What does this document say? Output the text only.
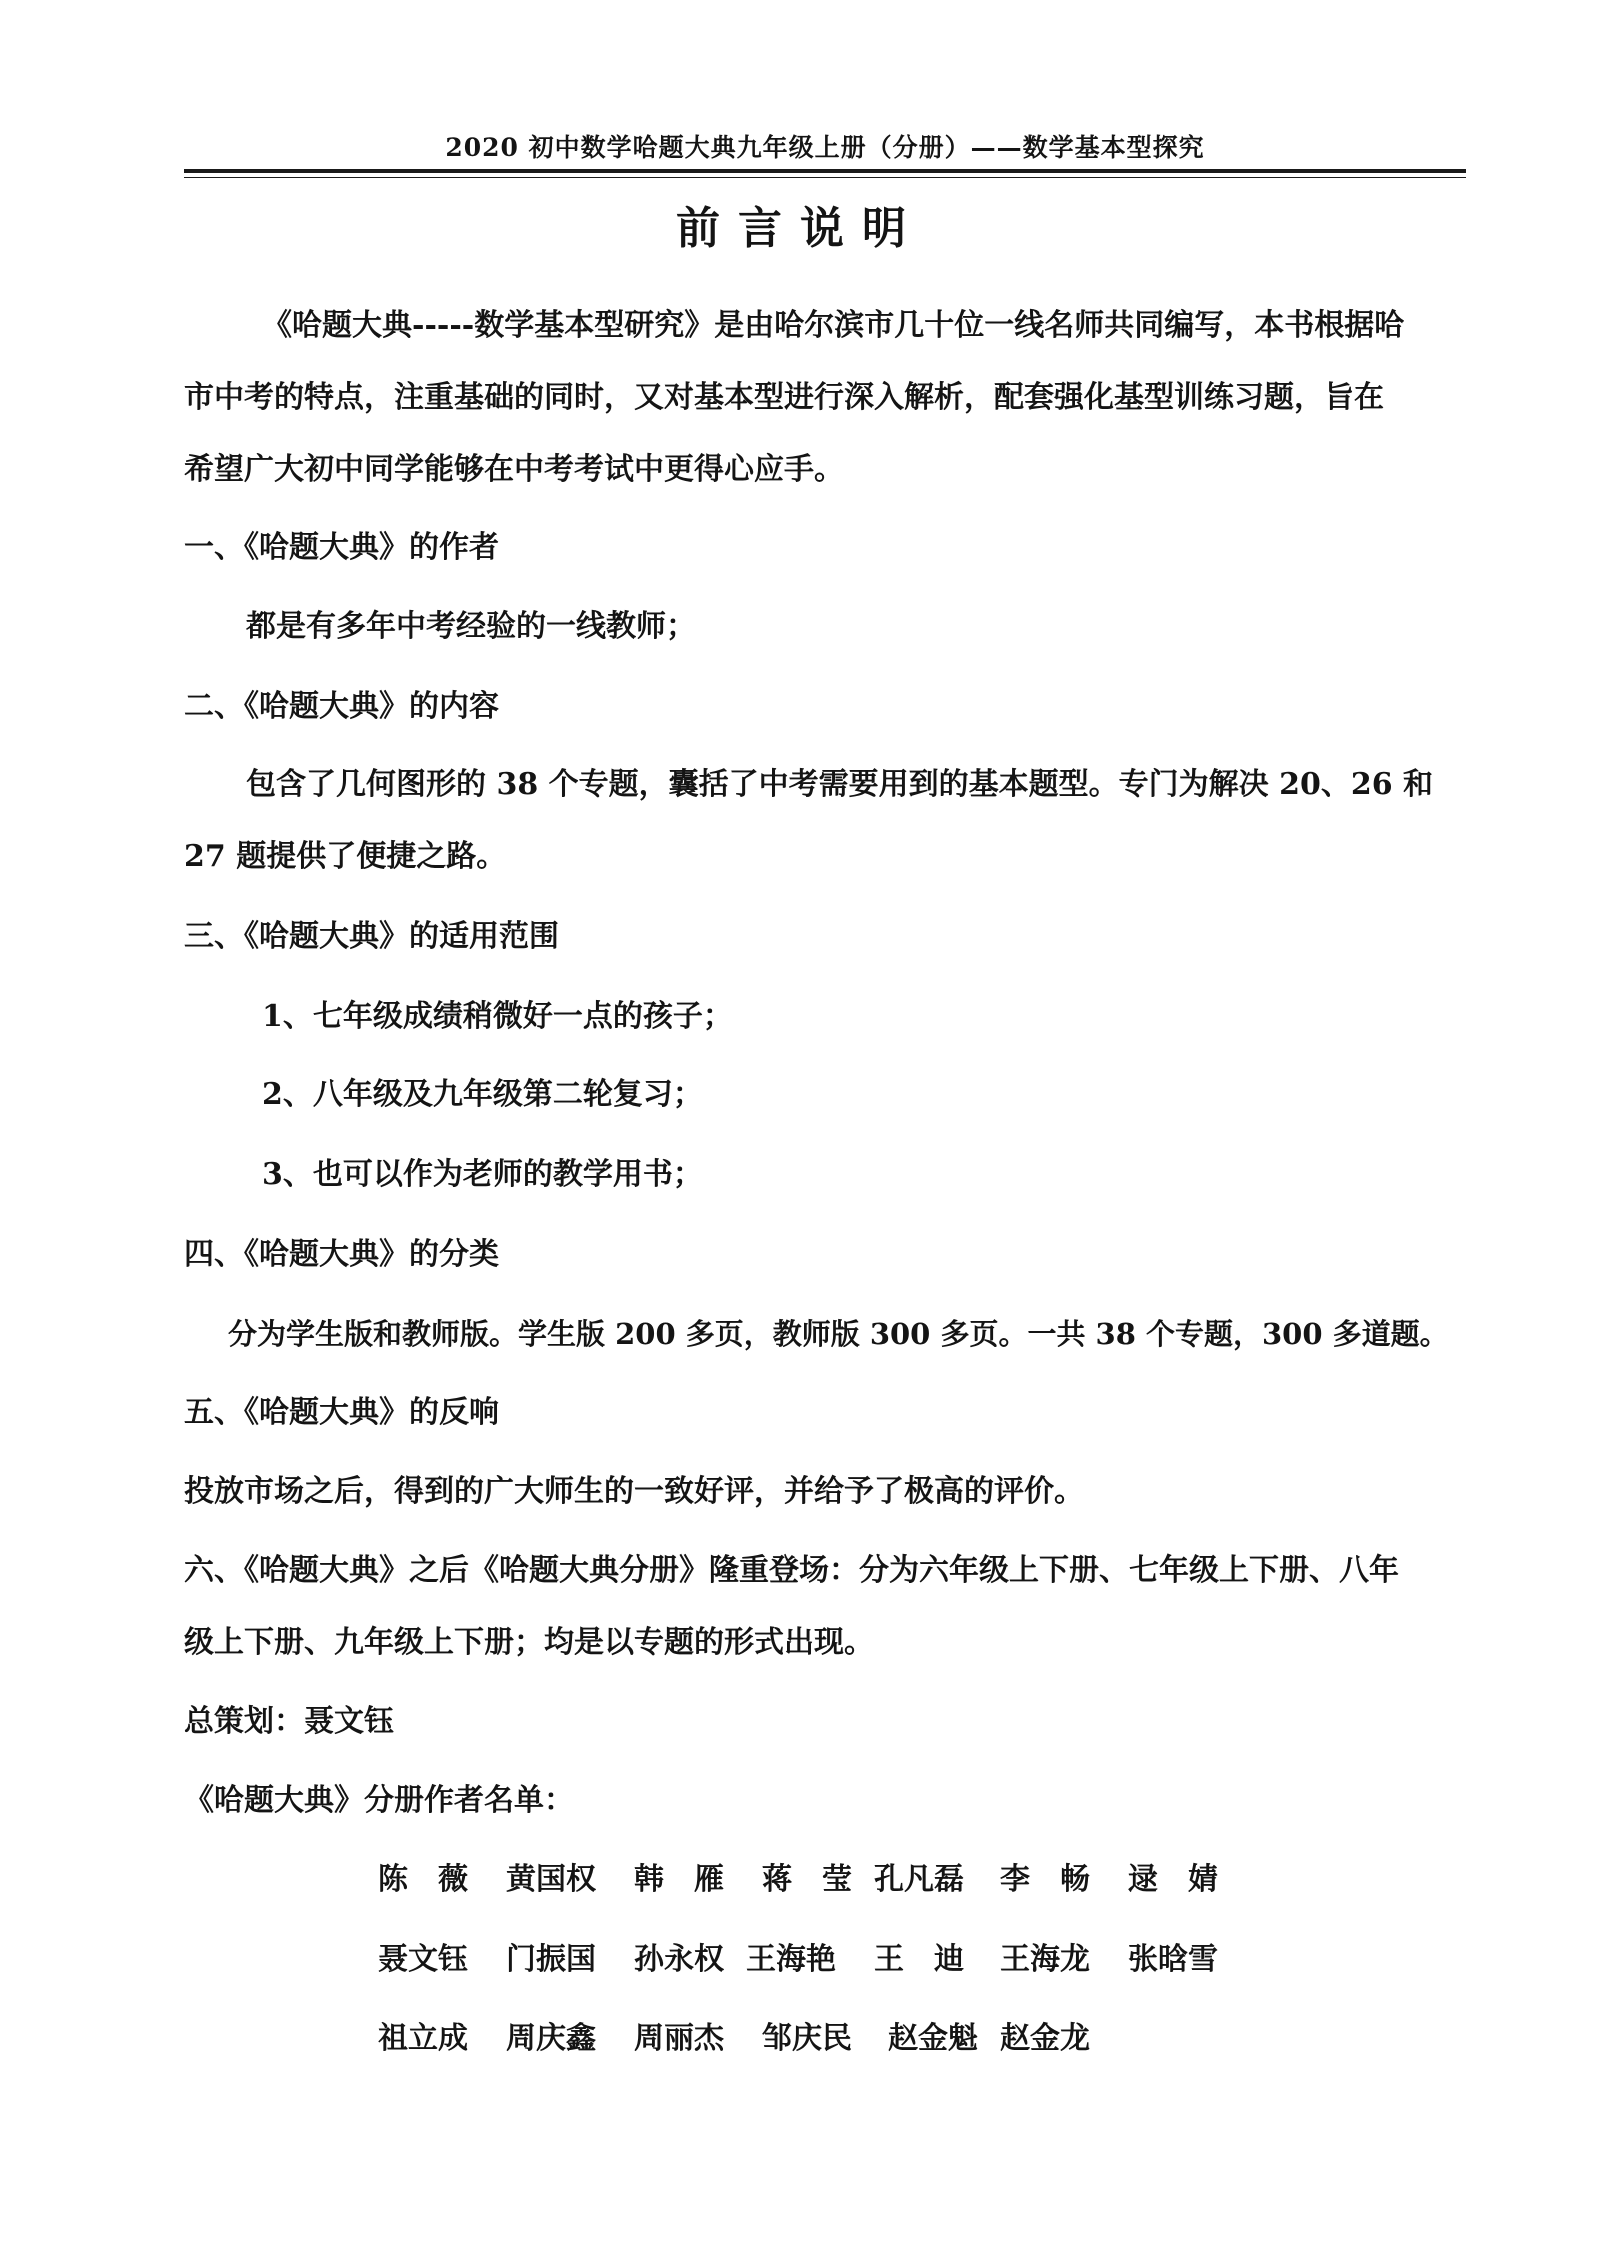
2020 初中数学哈题大典九年级上册（分册）——数学基本型探究
前言说明
《哈题大典-----数学基本型研究》是由哈尔滨市几十位一线名师共同编写，本书根据哈
市中考的特点，注重基础的同时，又对基本型进行深入解析，配套强化基型训练习题，旨在
希望广大初中同学能够在中考考试中更得心应手。
一、《哈题大典》的作者
都是有多年中考经验的一线教师；
二、《哈题大典》的内容
包含了几何图形的 38 个专题，囊括了中考需要用到的基本题型。专门为解决 20、26 和
27 题提供了便捷之路。
三、《哈题大典》的适用范围
1、七年级成绩稍微好一点的孩子；
2、八年级及九年级第二轮复习；
3、也可以作为老师的教学用书；
四、《哈题大典》的分类
分为学生版和教师版。学生版 200 多页，教师版 300 多页。一共 38 个专题，300 多道题。
五、《哈题大典》的反响
投放市场之后，得到的广大师生的一致好评，并给予了极高的评价。
六、《哈题大典》之后《哈题大典分册》隆重登场：分为六年级上下册、七年级上下册、八年
级上下册、九年级上下册；均是以专题的形式出现。
总策划：聂文钰
《哈题大典》分册作者名单：
陈　薇 黄国权 韩　雁 蒋　莹 孔凡磊 李　畅 逯　婧
聂文钰 门振国 孙永权 王海艳 王　迪 王海龙 张晗雪
祖立成 周庆鑫 周丽杰 邹庆民 赵金魁 赵金龙
